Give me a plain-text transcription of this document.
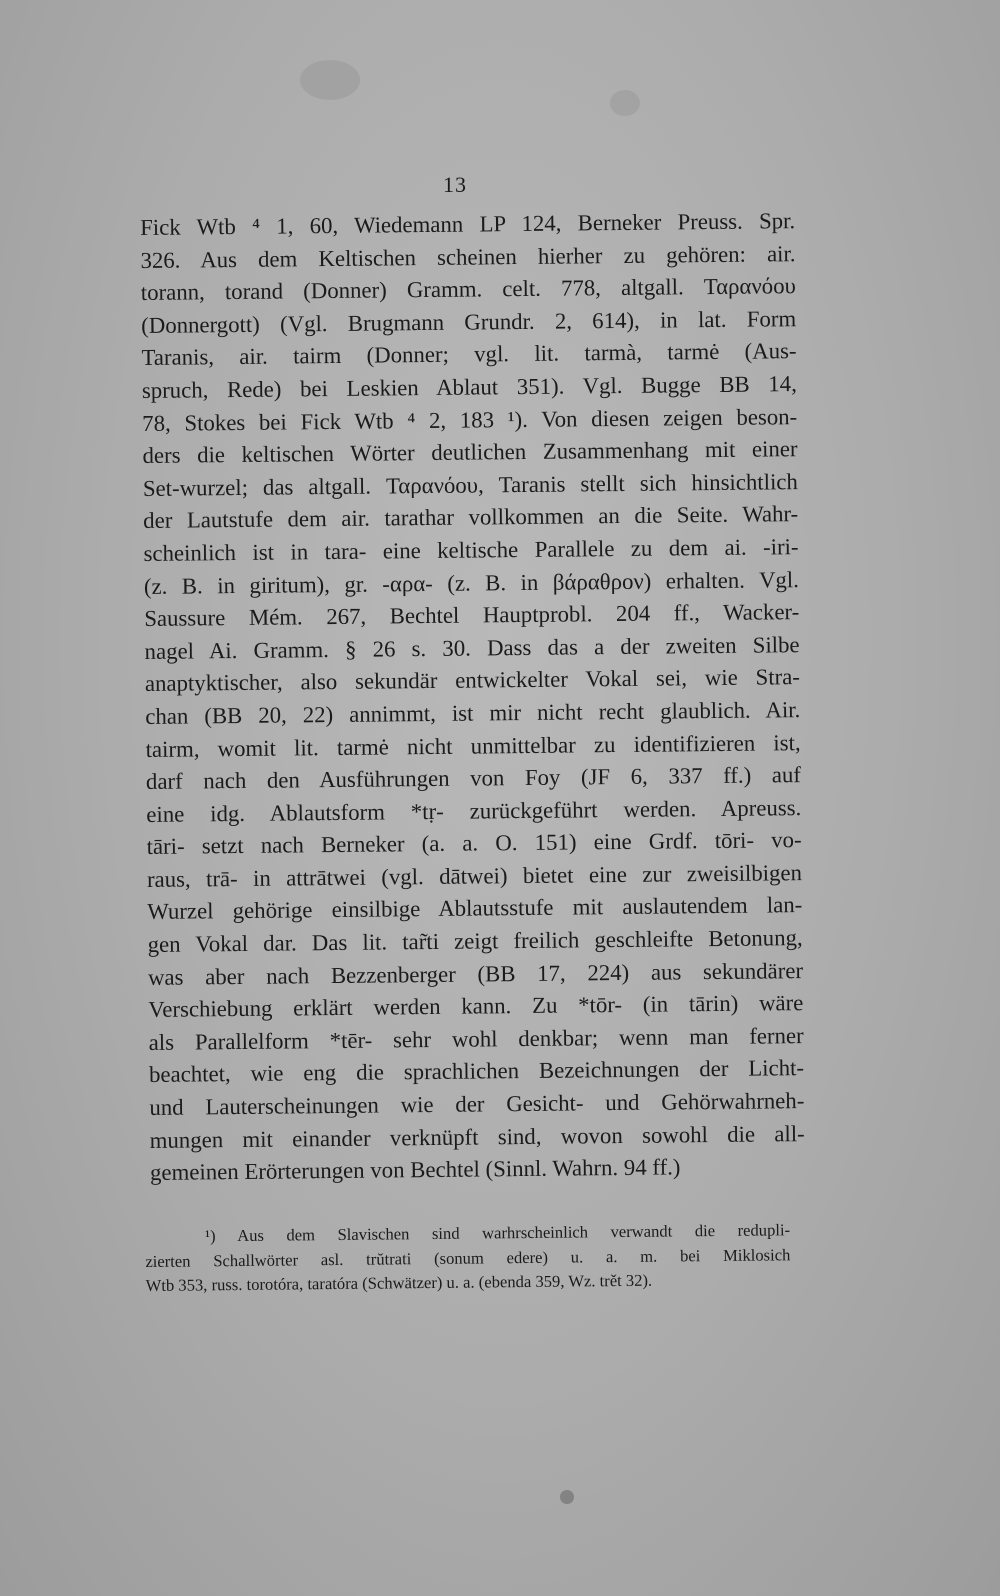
13
Fick Wtb ⁴ 1, 60, Wiedemann LP 124, Berneker Preuss. Spr.
326. Aus dem Keltischen scheinen hierher zu gehören: air.
torann, torand (Donner) Gramm. celt. 778, altgall. Ταρανόου
(Donnergott) (Vgl. Brugmann Grundr. 2, 614), in lat. Form
Taranis, air. tairm (Donner; vgl. lit. tarmà, tarmė (Aus-
spruch, Rede) bei Leskien Ablaut 351). Vgl. Bugge BB 14,
78, Stokes bei Fick Wtb ⁴ 2, 183 ¹). Von diesen zeigen beson-
ders die keltischen Wörter deutlichen Zusammenhang mit einer
Set-wurzel; das altgall. Ταρανόου, Taranis stellt sich hinsichtlich
der Lautstufe dem air. tarathar vollkommen an die Seite. Wahr-
scheinlich ist in tara- eine keltische Parallele zu dem ai. -iri-
(z. B. in giritum), gr. -αρα- (z. B. in βάραθρον) erhalten. Vgl.
Saussure Mém. 267, Bechtel Hauptprobl. 204 ff., Wacker-
nagel Ai. Gramm. § 26 s. 30. Dass das a der zweiten Silbe
anaptyktischer, also sekundär entwickelter Vokal sei, wie Stra-
chan (BB 20, 22) annimmt, ist mir nicht recht glaublich. Air.
tairm, womit lit. tarmė nicht unmittelbar zu identifizieren ist,
darf nach den Ausführungen von Foy (JF 6, 337 ff.) auf
eine idg. Ablautsform *tṛ- zurückgeführt werden. Apreuss.
tāri- setzt nach Berneker (a. a. O. 151) eine Grdf. tōri- vo-
raus, trā- in attrātwei (vgl. dātwei) bietet eine zur zweisilbigen
Wurzel gehörige einsilbige Ablautsstufe mit auslautendem lan-
gen Vokal dar. Das lit. tar̃ti zeigt freilich geschleifte Betonung,
was aber nach Bezzenberger (BB 17, 224) aus sekundärer
Verschiebung erklärt werden kann. Zu *tōr- (in tārin) wäre
als Parallelform *tēr- sehr wohl denkbar; wenn man ferner
beachtet, wie eng die sprachlichen Bezeichnungen der Licht-
und Lauterscheinungen wie der Gesicht- und Gehörwahrneh-
mungen mit einander verknüpft sind, wovon sowohl die all-
gemeinen Erörterungen von Bechtel (Sinnl. Wahrn. 94 ff.)
¹) Aus dem Slavischen sind warhrscheinlich verwandt die redupli-
zierten Schallwörter asl. trŭtrati (sonum edere) u. a. m. bei Miklosich
Wtb 353, russ. torotóra, taratóra (Schwätzer) u. a. (ebenda 359, Wz. trět 32).
